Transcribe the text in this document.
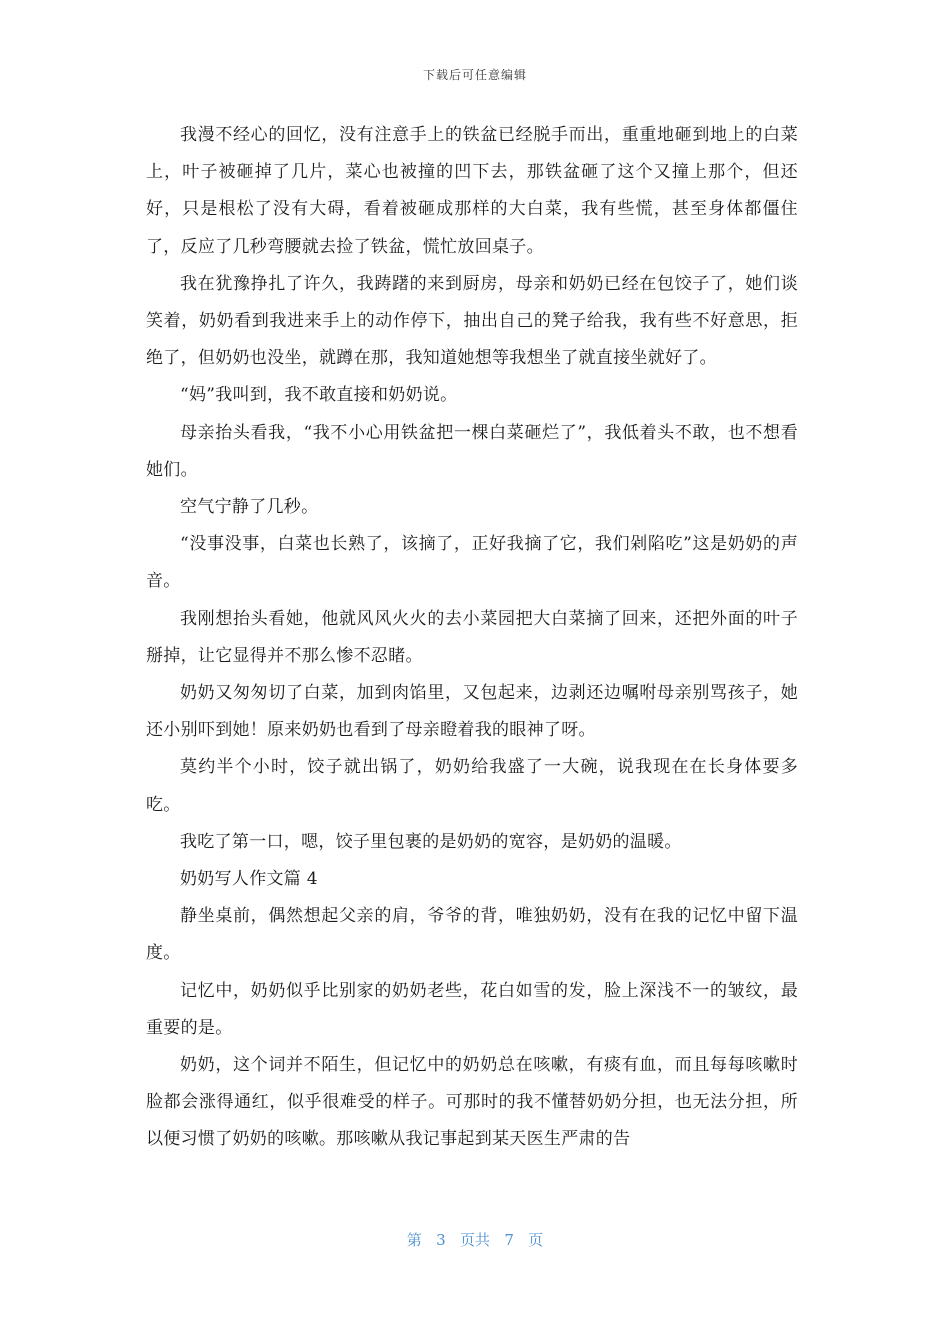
下载后可任意编辑

我漫不经心的回忆，没有注意手上的铁盆已经脱手而出，重重地砸到地上的白菜上，叶子被砸掉了几片，菜心也被撞的凹下去，那铁盆砸了这个又撞上那个，但还好，只是根松了没有大碍，看着被砸成那样的大白菜，我有些慌，甚至身体都僵住了，反应了几秒弯腰就去捡了铁盆，慌忙放回桌子。

我在犹豫挣扎了许久，我踌躇的来到厨房，母亲和奶奶已经在包饺子了，她们谈笑着，奶奶看到我进来手上的动作停下，抽出自己的凳子给我，我有些不好意思，拒绝了，但奶奶也没坐，就蹲在那，我知道她想等我想坐了就直接坐就好了。

“妈”我叫到，我不敢直接和奶奶说。

母亲抬头看我，“我不小心用铁盆把一棵白菜砸烂了”，我低着头不敢，也不想看她们。

空气宁静了几秒。

“没事没事，白菜也长熟了，该摘了，正好我摘了它，我们剁陷吃”这是奶奶的声音。

我刚想抬头看她，他就风风火火的去小菜园把大白菜摘了回来，还把外面的叶子掰掉，让它显得并不那么惨不忍睹。

奶奶又匆匆切了白菜，加到肉馅里，又包起来，边剥还边嘱咐母亲别骂孩子，她还小别吓到她！原来奶奶也看到了母亲瞪着我的眼神了呀。

莫约半个小时，饺子就出锅了，奶奶给我盛了一大碗，说我现在在长身体要多吃。

我吃了第一口，嗯，饺子里包裹的是奶奶的宽容，是奶奶的温暖。

奶奶写人作文篇 4

静坐桌前，偶然想起父亲的肩，爷爷的背，唯独奶奶，没有在我的记忆中留下温度。

记忆中，奶奶似乎比别家的奶奶老些，花白如雪的发，脸上深浅不一的皱纹，最重要的是。

奶奶，这个词并不陌生，但记忆中的奶奶总在咳嗽，有痰有血，而且每每咳嗽时脸都会涨得通红，似乎很难受的样子。可那时的我不懂替奶奶分担，也无法分担，所以便习惯了奶奶的咳嗽。那咳嗽从我记事起到某天医生严肃的告

第 3 页共 7 页
